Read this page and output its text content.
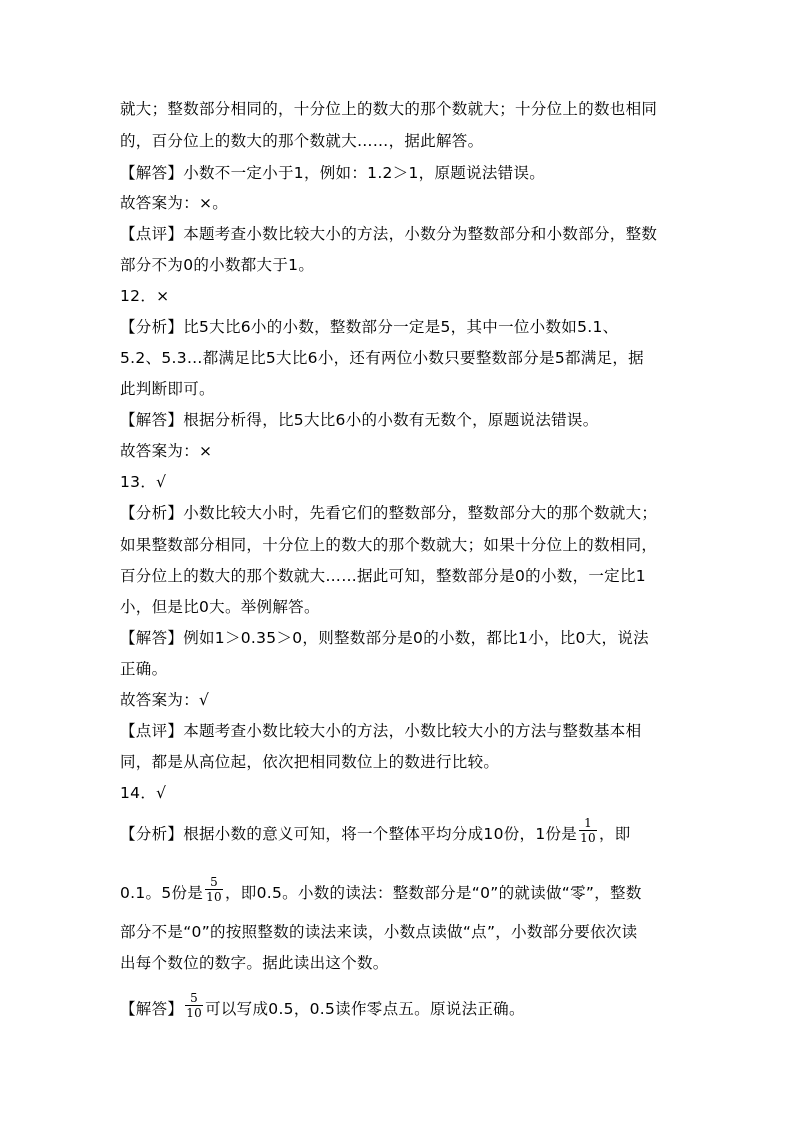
就大；整数部分相同的，十分位上的数大的那个数就大；十分位上的数也相同
的，百分位上的数大的那个数就大……，据此解答。
【解答】小数不一定小于1，例如：1.2＞1，原题说法错误。
故答案为：×。
【点评】本题考查小数比较大小的方法，小数分为整数部分和小数部分，整数
部分不为0的小数都大于1。
12．×
【分析】比5大比6小的小数，整数部分一定是5，其中一位小数如5.1、
5.2、5.3…都满足比5大比6小，还有两位小数只要整数部分是5都满足，据
此判断即可。
【解答】根据分析得，比5大比6小的小数有无数个，原题说法错误。
故答案为：×
13．√
【分析】小数比较大小时，先看它们的整数部分，整数部分大的那个数就大；
如果整数部分相同，十分位上的数大的那个数就大；如果十分位上的数相同，
百分位上的数大的那个数就大……据此可知，整数部分是0的小数，一定比1
小，但是比0大。举例解答。
【解答】例如1＞0.35＞0，则整数部分是0的小数，都比1小，比0大，说法
正确。
故答案为：√
【点评】本题考查小数比较大小的方法，小数比较大小的方法与整数基本相
同，都是从高位起，依次把相同数位上的数进行比较。
14．√
【分析】根据小数的意义可知，将一个整体平均分成10份，1份是 $\frac{1}{10}$ ，即
0.1。5份是 $\frac{5}{10}$ ，即0.5。小数的读法：整数部分是“0”的就读做“零”，整数
部分不是“0”的按照整数的读法来读，小数点读做“点”，小数部分要依次读
出每个数位的数字。据此读出这个数。
【解答】 $\frac{5}{10}$ 可以写成0.5，0.5读作零点五。原说法正确。
